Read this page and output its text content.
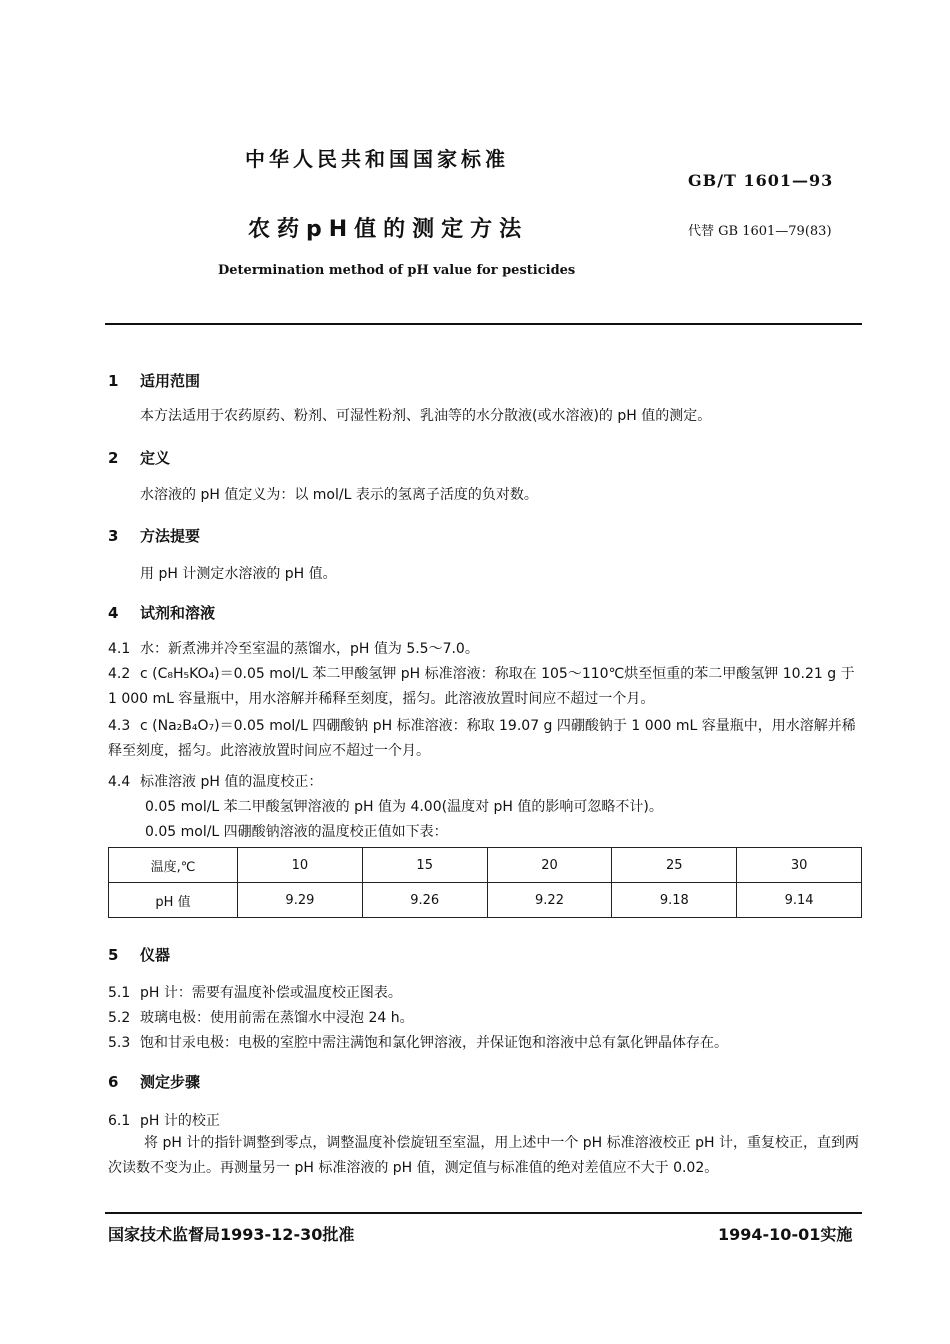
中华人民共和国国家标准
GB/T 1601—93
农药pH值的测定方法	代替 GB 1601—79(83)
Determination method of pH value for pesticides
1 适用范围
本方法适用于农药原药、粉剂、可湿性粉剂、乳油等的水分散液(或水溶液)的 pH 值的测定。
2 定义
水溶液的 pH 值定义为：以 mol/L 表示的氢离子活度的负对数。
3 方法提要
用 pH 计测定水溶液的 pH 值。
4 试剂和溶液
4.1 水：新煮沸并冷至室温的蒸馏水，pH 值为 5.5～7.0。
4.2 c (C₈H₅KO₄)＝0.05 mol/L 苯二甲酸氢钾 pH 标准溶液：称取在 105～110℃烘至恒重的苯二甲酸氢钾 10.21 g 于 1 000 mL 容量瓶中，用水溶解并稀释至刻度，摇匀。此溶液放置时间应不超过一个月。
4.3 c (Na₂B₄O₇)＝0.05 mol/L 四硼酸钠 pH 标准溶液：称取 19.07 g 四硼酸钠于 1 000 mL 容量瓶中，用水溶解并稀释至刻度，摇匀。此溶液放置时间应不超过一个月。
4.4 标准溶液 pH 值的温度校正：
0.05 mol/L 苯二甲酸氢钾溶液的 pH 值为 4.00(温度对 pH 值的影响可忽略不计)。
0.05 mol/L 四硼酸钠溶液的温度校正值如下表：
温度,℃	10	15	20	25	30
pH 值	9.29	9.26	9.22	9.18	9.14
5 仪器
5.1 pH 计：需要有温度补偿或温度校正图表。
5.2 玻璃电极：使用前需在蒸馏水中浸泡 24 h。
5.3 饱和甘汞电极：电极的室腔中需注满饱和氯化钾溶液，并保证饱和溶液中总有氯化钾晶体存在。
6 测定步骤
6.1 pH 计的校正
将 pH 计的指针调整到零点，调整温度补偿旋钮至室温，用上述中一个 pH 标准溶液校正 pH 计，重复校正，直到两次读数不变为止。再测量另一 pH 标准溶液的 pH 值，测定值与标准值的绝对差值应不大于 0.02。
国家技术监督局1993-12-30批准	1994-10-01实施
